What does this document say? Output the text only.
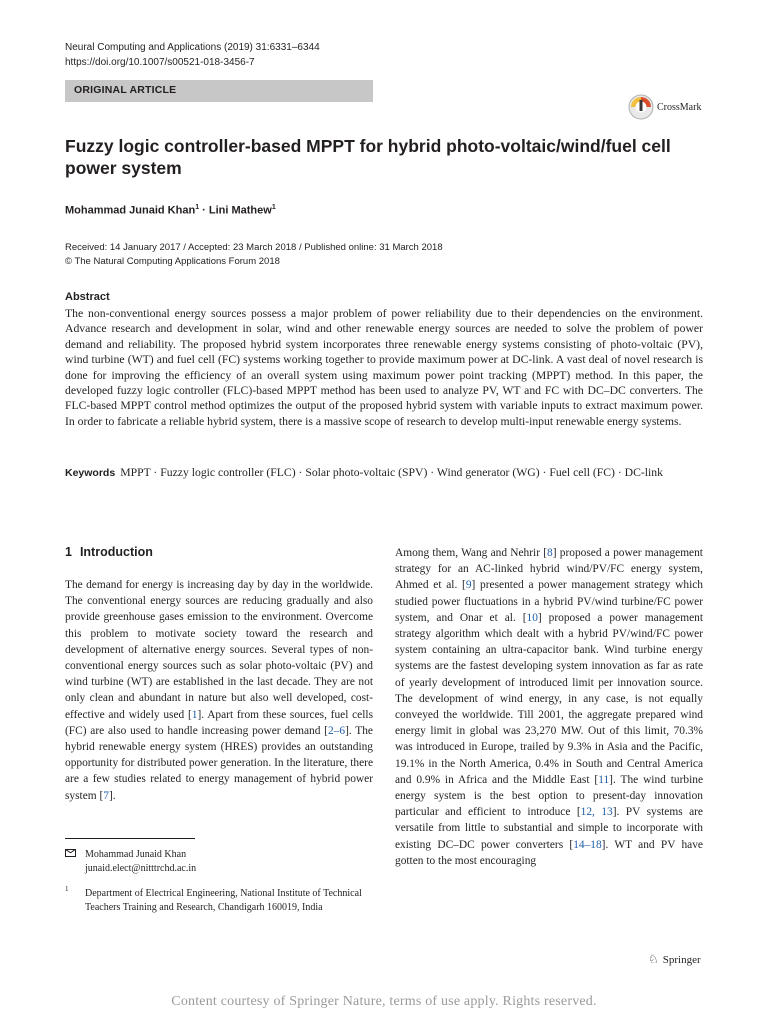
Neural Computing and Applications (2019) 31:6331–6344
https://doi.org/10.1007/s00521-018-3456-7
ORIGINAL ARTICLE
CrossMark
Fuzzy logic controller-based MPPT for hybrid photo-voltaic/wind/fuel cell power system
Mohammad Junaid Khan$^1$ · Lini Mathew$^1$
Received: 14 January 2017 / Accepted: 23 March 2018 / Published online: 31 March 2018
© The Natural Computing Applications Forum 2018
Abstract
The non-conventional energy sources possess a major problem of power reliability due to their dependencies on the environment. Advance research and development in solar, wind and other renewable energy sources are needed to solve the problem of power demand and reliability. The proposed hybrid system incorporates three renewable energy systems consisting of photo-voltaic (PV), wind turbine (WT) and fuel cell (FC) systems working together to provide maximum power at DC-link. A vast deal of novel research is done for improving the efficiency of an overall system using maximum power point tracking (MPPT) method. In this paper, the developed fuzzy logic controller (FLC)-based MPPT method has been used to analyze PV, WT and FC with DC–DC converters. The FLC-based MPPT control method optimizes the output of the proposed hybrid system with variable inputs to extract maximum power. In order to fabricate a reliable hybrid system, there is a massive scope of research to develop multi-input renewable energy systems.
Keywords MPPT · Fuzzy logic controller (FLC) · Solar photo-voltaic (SPV) · Wind generator (WG) · Fuel cell (FC) · DC-link
1 Introduction
The demand for energy is increasing day by day in the worldwide. The conventional energy sources are reducing gradually and also provide greenhouse gases emission to the environment. Overcome this problem to motivate society toward the research and development of alternative energy sources. Several types of non-conventional energy sources such as solar photo-voltaic (PV) and wind turbine (WT) are established in the last decade. They are not only clean and abundant in nature but also well developed, cost-effective and widely used [1]. Apart from these sources, fuel cells (FC) are also used to handle increasing power demand [2–6]. The hybrid renewable energy system (HRES) provides an outstanding opportunity for distributed power generation. In the literature, there are a few studies related to energy management of hybrid power system [7].
Among them, Wang and Nehrir [8] proposed a power management strategy for an AC-linked hybrid wind/PV/FC energy system, Ahmed et al. [9] presented a power management strategy which studied power fluctuations in a hybrid PV/wind turbine/FC power system, and Onar et al. [10] proposed a power management strategy algorithm which dealt with a hybrid PV/wind/FC power system containing an ultra-capacitor bank. Wind turbine energy systems are the fastest developing system innovation as far as rate of yearly development of introduced limit per innovation source. The development of wind energy, in any case, is not equally conveyed the worldwide. Till 2001, the aggregate prepared wind energy limit in global was 23,270 MW. Out of this limit, 70.3% was introduced in Europe, trailed by 9.3% in Asia and the Pacific, 19.1% in the North America, 0.4% in South and Central America and 0.9% in Africa and the Middle East [11]. The wind turbine energy system is the best option to present-day innovation particular and efficient to introduce [12, 13]. PV systems are versatile from little to substantial and simple to incorporate with existing DC–DC power converters [14–18]. WT and PV have gotten to the most encouraging
Mohammad Junaid Khan
junaid.elect@nitttrchd.ac.in
1 Department of Electrical Engineering, National Institute of Technical Teachers Training and Research, Chandigarh 160019, India
♘ Springer
Content courtesy of Springer Nature, terms of use apply. Rights reserved.
